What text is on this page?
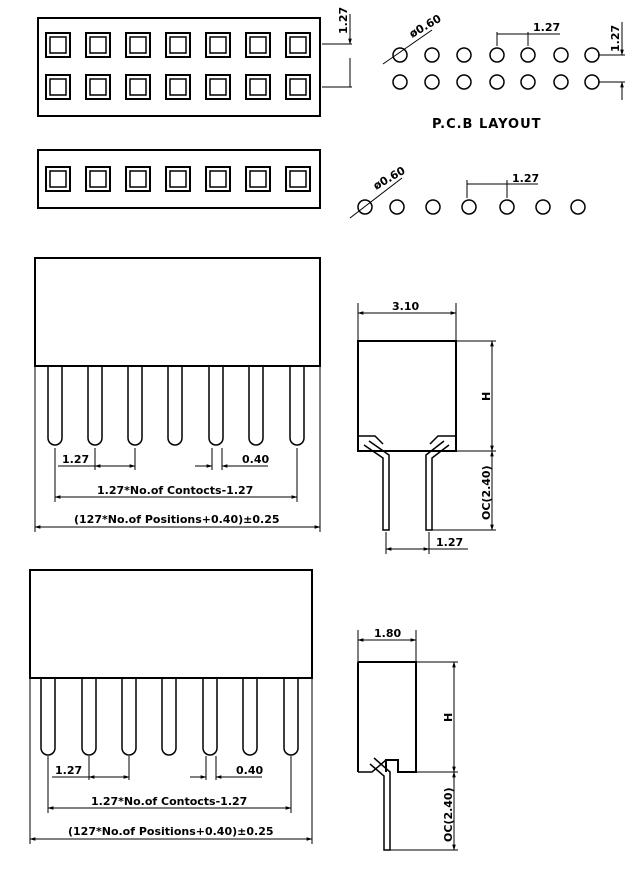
1.27	ø0.60	1.27	1.27
P.C.B LAYOUT
ø0.60	1.27
1.27	0.40
1.27*No.of Contocts-1.27
(127*No.of Positions+0.40)±0.25
3.10
H
OC(2.40)
1.27
1.27	0.40
1.27*No.of Contocts-1.27
(127*No.of Positions+0.40)±0.25
1.80
H
OC(2.40)
